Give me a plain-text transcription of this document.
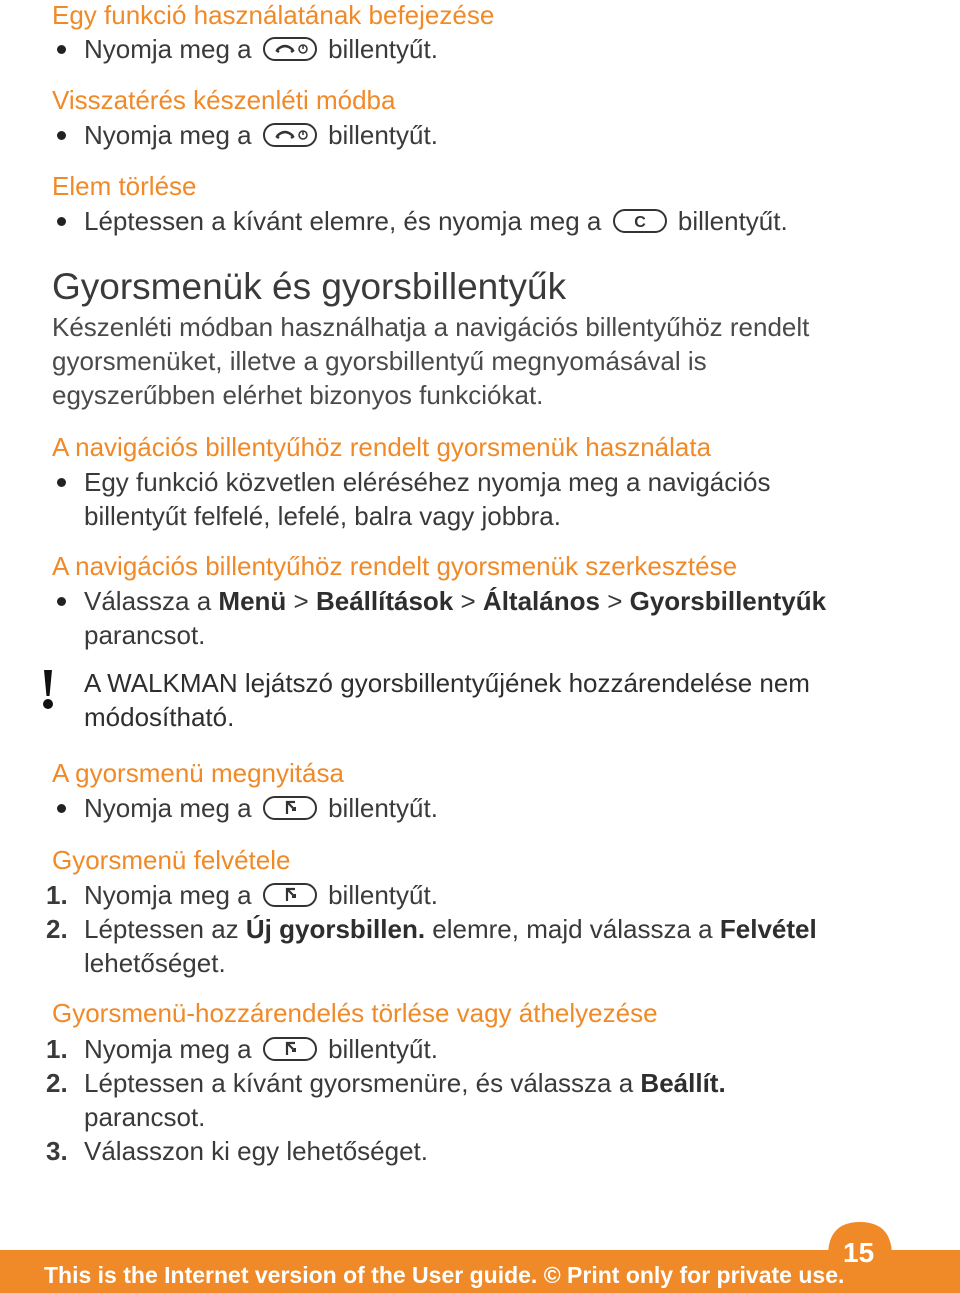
Egy funkció használatának befejezése
Nyomja meg a	billentyűt.
Visszatérés készenléti módba
Nyomja meg a	billentyűt.
Elem törlése
Léptessen a kívánt elemre, és nyomja meg a C billentyűt.
Gyorsmenük és gyorsbillentyűk
Készenléti módban használhatja a navigációs billentyűhöz rendelt
gyorsmenüket, illetve a gyorsbillentyű megnyomásával is
egyszerűbben elérhet bizonyos funkciókat.
A navigációs billentyűhöz rendelt gyorsmenük használata
Egy funkció közvetlen eléréséhez nyomja meg a navigációs
billentyűt felfelé, lefelé, balra vagy jobbra.
A navigációs billentyűhöz rendelt gyorsmenük szerkesztése
Válassza a Menü > Beállítások > Általános > Gyorsbillentyűk
parancsot.
A WALKMAN lejátszó gyorsbillentyűjének hozzárendelése nem
módosítható.
A gyorsmenü megnyitása
Nyomja meg a	billentyűt.
Gyorsmenü felvétele
1. Nyomja meg a	billentyűt.
2. Léptessen az Új gyorsbillen. elemre, majd válassza a Felvétel
lehetőséget.
Gyorsmenü-hozzárendelés törlése vagy áthelyezése
1. Nyomja meg a	billentyűt.
2. Léptessen a kívánt gyorsmenüre, és válassza a Beállít.
parancsot.
3. Válasszon ki egy lehetőséget.
15
This is the Internet version of the User guide. © Print only for private use.
